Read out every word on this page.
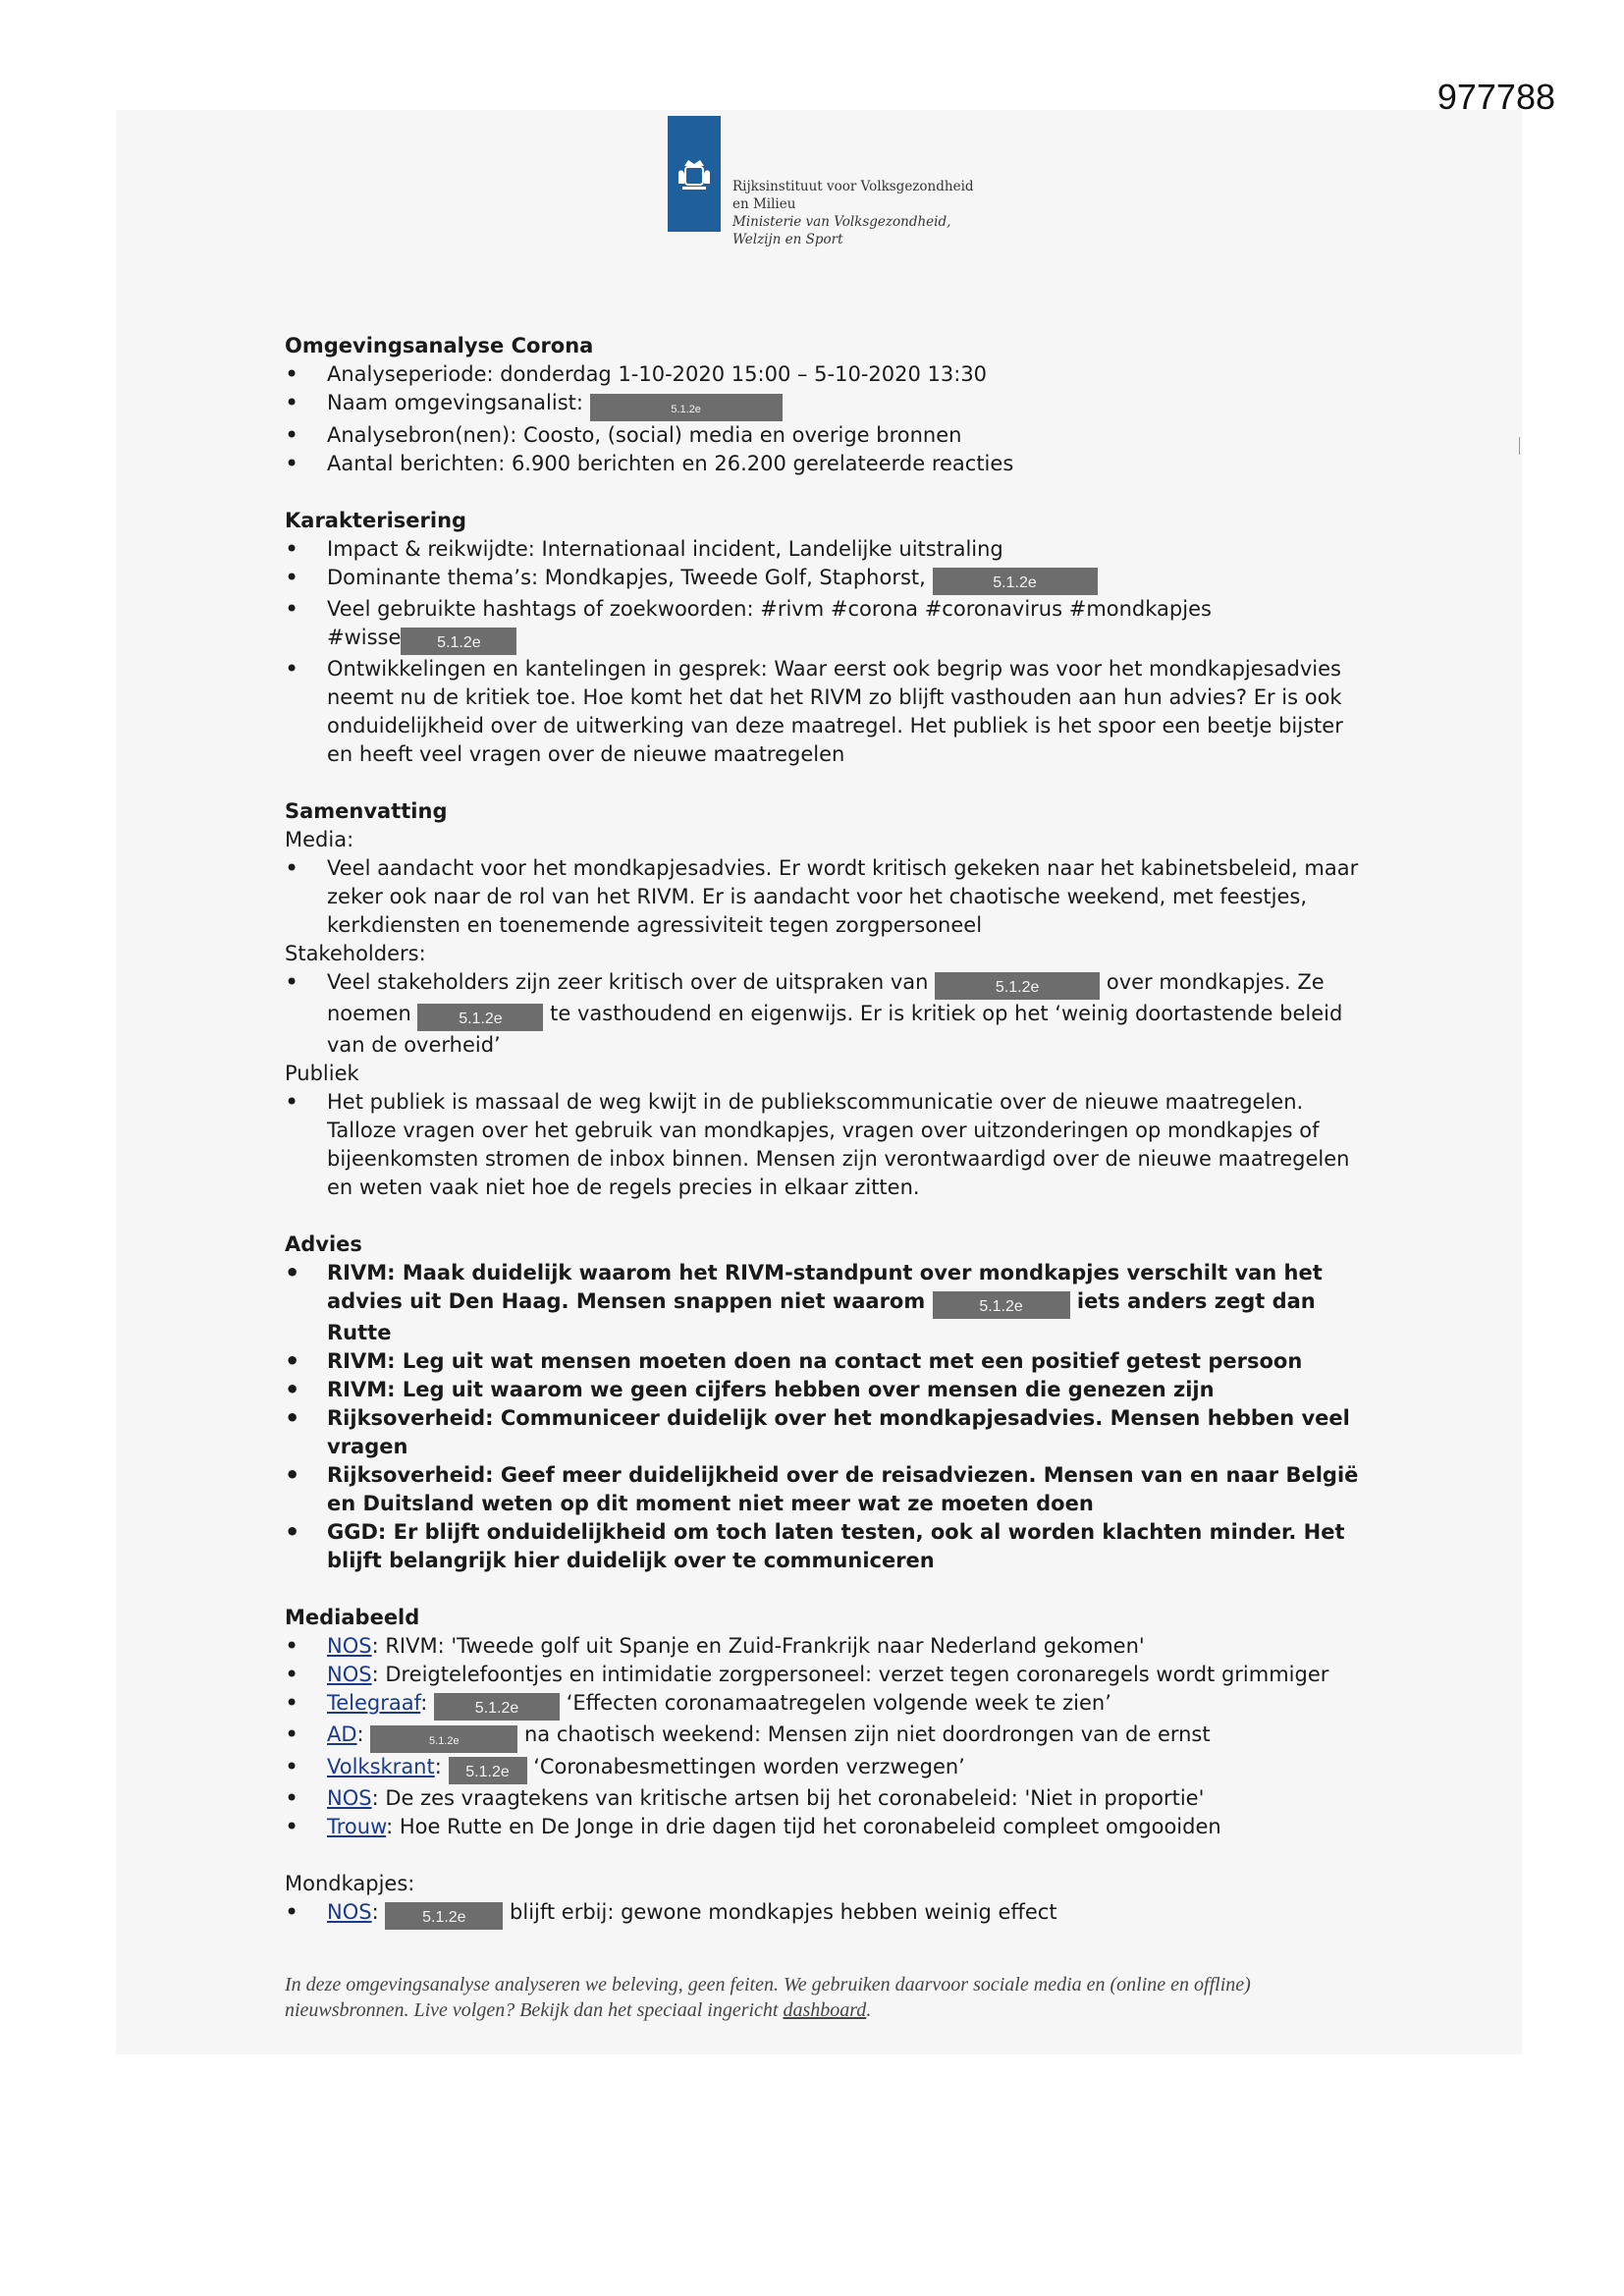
977788
Rijksinstituut voor Volksgezondheid
en Milieu
Ministerie van Volksgezondheid,
Welzijn en Sport
Omgevingsanalyse Corona
• Analyseperiode: donderdag 1-10-2020 15:00 – 5-10-2020 13:30
• Naam omgevingsanalist:	5.1.2e
• Analysebron(nen): Coosto, (social) media en overige bronnen
• Aantal berichten: 6.900 berichten en 26.200 gerelateerde reacties
Karakterisering
• Impact & reikwijdte: Internationaal incident, Landelijke uitstraling
• Dominante thema’s: Mondkapjes, Tweede Golf, Staphorst,	5.1.2e
• Veel gebruikte hashtags of zoekwoorden: #rivm #corona #coronavirus #mondkapjes
#wisse 5.1.2e
• Ontwikkelingen en kantelingen in gesprek: Waar eerst ook begrip was voor het mondkapjesadvies neemt nu de kritiek toe. Hoe komt het dat het RIVM zo blijft vasthouden aan hun advies? Er is ook onduidelijkheid over de uitwerking van deze maatregel. Het publiek is het spoor een beetje bijster en heeft veel vragen over de nieuwe maatregelen
Samenvatting

Media:

• Veel aandacht voor het mondkapjesadvies. Er wordt kritisch gekeken naar het kabinetsbeleid, maar zeker ook naar de rol van het RIVM. Er is aandacht voor het chaotische weekend, met feestjes, kerkdiensten en toenemende agressiviteit tegen zorgpersoneel

Stakeholders:

• Veel stakeholders zijn zeer kritisch over de uitspraken van	5.1.2e	over mondkapjes. Ze noemen	5.1.2e te vasthoudend en eigenwijs. Er is kritiek op het ‘weinig doortastende beleid van de overheid’

Publiek

• Het publiek is massaal de weg kwijt in de publiekscommunicatie over de nieuwe maatregelen. Talloze vragen over het gebruik van mondkapjes, vragen over uitzonderingen op mondkapjes of bijeenkomsten stromen de inbox binnen. Mensen zijn verontwaardigd over de nieuwe maatregelen en weten vaak niet hoe de regels precies in elkaar zitten.
Advies
• RIVM: Maak duidelijk waarom het RIVM-standpunt over mondkapjes verschilt van het advies uit Den Haag. Mensen snappen niet waarom	5.1.2e	iets anders zegt dan Rutte
• RIVM: Leg uit wat mensen moeten doen na contact met een positief getest persoon
• RIVM: Leg uit waarom we geen cijfers hebben over mensen die genezen zijn
• Rijksoverheid: Communiceer duidelijk over het mondkapjesadvies. Mensen hebben veel vragen
• Rijksoverheid: Geef meer duidelijkheid over de reisadviezen. Mensen van en naar België en Duitsland weten op dit moment niet meer wat ze moeten doen
• GGD: Er blijft onduidelijkheid om toch laten testen, ook al worden klachten minder. Het blijft belangrijk hier duidelijk over te communiceren
Mediabeeld
• NOS: RIVM: 'Tweede golf uit Spanje en Zuid-Frankrijk naar Nederland gekomen'
• NOS: Dreigtelefoontjes en intimidatie zorgpersoneel: verzet tegen coronaregels wordt grimmiger
• Telegraaf:	5.1.2e ‘Effecten coronamaatregelen volgende week te zien’
• AD:	5.1.2e	na chaotisch weekend: Mensen zijn niet doordrongen van de ernst
• Volkskrant: 5.1.2e ‘Coronabesmettingen worden verzwegen’
• NOS: De zes vraagtekens van kritische artsen bij het coronabeleid: 'Niet in proportie'
• Trouw: Hoe Rutte en De Jonge in drie dagen tijd het coronabeleid compleet omgooiden

Mondkapjes:

• NOS: 5.1.2e blijft erbij: gewone mondkapjes hebben weinig effect
In deze omgevingsanalyse analyseren we beleving, geen feiten. We gebruiken daarvoor sociale media en (online en offline) nieuwsbronnen. Live volgen? Bekijk dan het speciaal ingericht dashboard.
